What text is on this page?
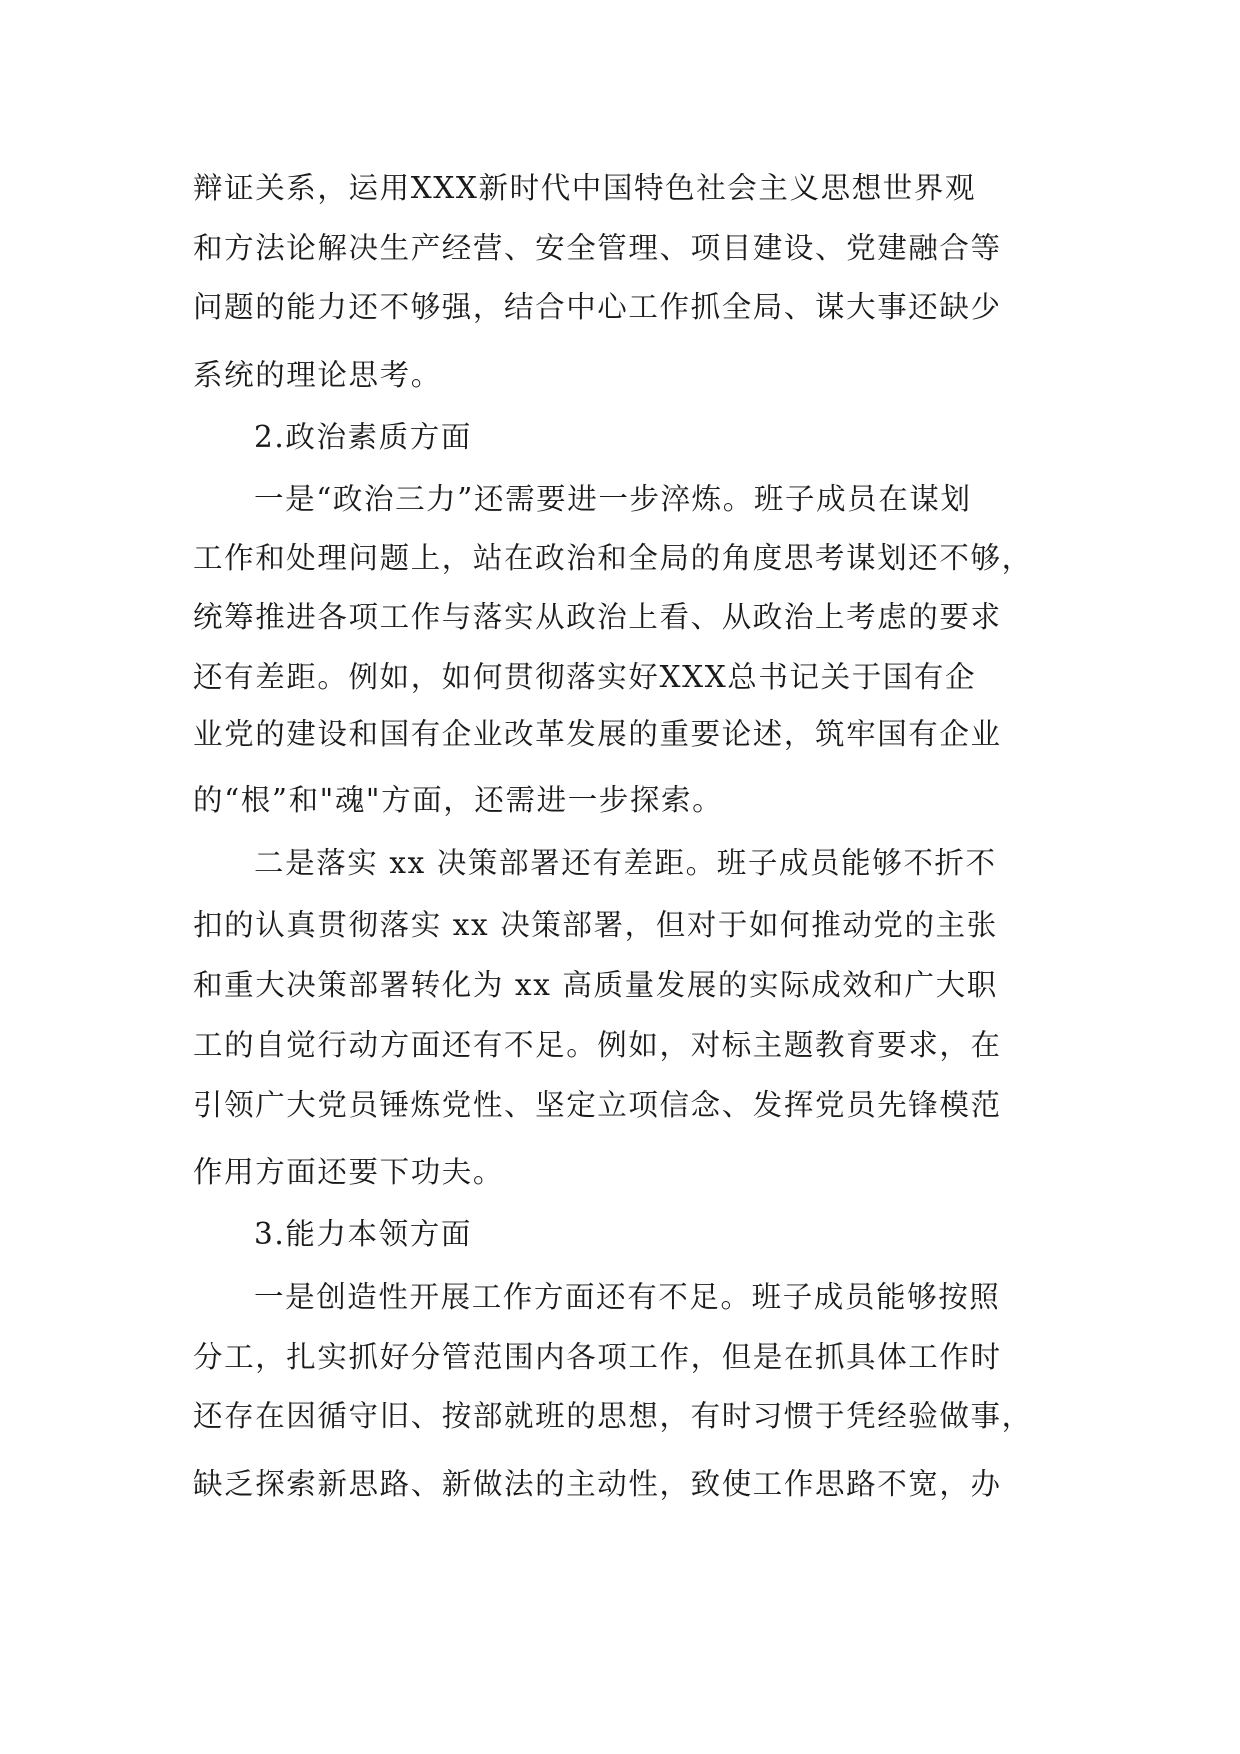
辩证关系，运用XXX新时代中国特色社会主义思想世界观
和方法论解决生产经营、安全管理、项目建设、党建融合等
问题的能力还不够强，结合中心工作抓全局、谋大事还缺少
系统的理论思考。
2.政治素质方面
一是“政治三力”还需要进一步淬炼。班子成员在谋划
工作和处理问题上，站在政治和全局的角度思考谋划还不够，
统筹推进各项工作与落实从政治上看、从政治上考虑的要求
还有差距。例如，如何贯彻落实好XXX总书记关于国有企
业党的建设和国有企业改革发展的重要论述，筑牢国有企业
的“根”和"魂"方面，还需进一步探索。
二是落实 xx 决策部署还有差距。班子成员能够不折不
扣的认真贯彻落实 xx 决策部署，但对于如何推动党的主张
和重大决策部署转化为 xx 高质量发展的实际成效和广大职
工的自觉行动方面还有不足。例如，对标主题教育要求，在
引领广大党员锤炼党性、坚定立项信念、发挥党员先锋模范
作用方面还要下功夫。
3.能力本领方面
一是创造性开展工作方面还有不足。班子成员能够按照
分工，扎实抓好分管范围内各项工作，但是在抓具体工作时
还存在因循守旧、按部就班的思想，有时习惯于凭经验做事，
缺乏探索新思路、新做法的主动性，致使工作思路不宽，办
